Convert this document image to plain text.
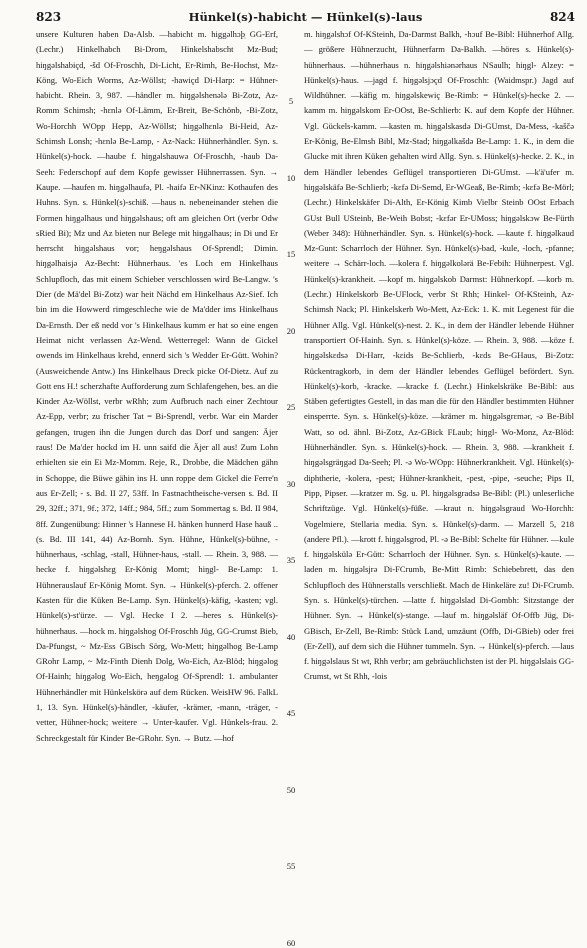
823	Hünkel(s)-habicht — Hünkel(s)-laus	824

unsere Kulturen haben Da-Alsb. —habicht m. higgəlhɔþ̣ GG-Erf, (Lechr.) Hinkelhabch Bi-Drom, Hinkelshabscht Mz-Bud; hiŋgəlshabiçd, -šd Of-Froschh, Di-Licht, Er-Rimh, Be-Hochst, Mz-Köng, Wo-Eich Worms, Az-Wöllst; -hawiçd Di-Harp: = Hühner-habicht. Rhein. 3, 987. —händler m. hiŋgəlshenələ Bi-Zotz, Az-Romm Schimsh; -hɛnlə Of-Lämm, Er-Breit, Be-Schönb, -Bi-Zotz, Wo-Horchh WOpp Hepp, Az-Wöllst; hiŋgəlhɛnlə Bi-Heid, Az-Schimsh Lonsh; -hɛnlə Be-Lamp, - Az-Nack: Hühnerhändler. Syn. s. Hünkel(s)-hock. —haube f. hiŋgəlshauwə Of-Froschh, -haub Da-Seeh: Federschopf auf dem Kopfe gewisser Hühnerrassen. Syn. → Kaupe. —haufen m. hiŋgəlhaufə, Pl. -haifə Er-NKinz: Kothaufen des Huhns. Syn. s. Hünkel(s)-schiß. —haus n. nebeneinander stehen die Formen hiŋgəlhaus und hiŋgəlshaus; oft am gleichen Ort (verbr Odw sRied Bi); Mz und Az bieten nur Belege mit hiŋgəlhaus; in Di und Er herrscht hiŋgəlshaus vor; heŋgəlshaus Of-Sprendl; Dimin. hiŋgəlhaisjə Az-Becht: Hühnerhaus. 'es Loch em Hinkelhaus Schlupfloch, das mit einem Schieber verschlossen wird Be-Langw. 's Dier (de Mä'del Bi-Zotz) war heit Nächd em Hinkelhaus Az-Sief. Ich bin im die Howwerd rimgeschleche wie de Ma'dder ims Hinkelhaus Da-Ernsth. Der eß nedd vor 's Hinkelhaus kumm er hat so eine engen Heimat nicht verlassen Az-Wend. Wetterregel: Wann de Gickel owends im Hinkelhaus krehd, ennerd sich 's Wedder Er-Gütt. Wohin? (Ausweichende Antw.) Ins Hinkelhaus Dreck picke Of-Dietz. Auf zu Gott ens H.! scherzhafte Aufforderung zum Schlafengehen, bes. an die Kinder Az-Wöllst, verbr wRhh; zum Aufbruch nach einer Zechtour Az-Epp, verbr; zu frischer Tat = Bi-Sprendl, verbr. War ein Marder gefangen, trugen ihn die Jungen durch das Dorf und sangen: Äjer raus! De Ma'der hockd im H. unn saifd die Äjer all aus! Zum Lohn erhielten sie ein Ei Mz-Momm. Reje, R., Drobbe, die Mädchen gähn in Schoppe, die Büwe gähin ins H. unn roppe dem Gickel die Ferre'n aus Er-Zell; - s. Bd. II 27, 53ff. In Fastnachtheische-versen s. Bd. II 29, 32ff.; 371, 9f.; 372, 14ff.; 984, 5ff.; zum Sommertag s. Bd. II 984, 8ff. Zungenübung: Hinner 's Hannese H. hänken hunnerd Hase hauß .. (s. Bd. III 141, 44) Az-Bornh. Syn. Hühne, Hünkel(s)-bühne, -hühnerhaus, -schlag, -stall, Hühner-haus, -stall. — Rhein. 3, 988. —hecke f. hiŋgəlshɛg Er-König Momt; hiŋgl- Be-Lamp: 1. Hühnerauslauf Er-König Momt. Syn. → Hünkel(s)-pferch. 2. offener Kasten für die Küken Be-Lamp. Syn. Hünkel(s)-käfig, -kasten; vgl. Hünkel(s)-st'ürze. — Vgl. Hecke I 2. —heres s. Hünkel(s)-hühnerhaus. —hock m. hiŋgəlshog Of-Froschh Jüg, GG-Crumst Bieb, Da-Pfungst, ~ Mz-Ess GBisch Sörg, Wo-Mett; hiŋgəlhog Be-Lamp GRohr Lamp, ~ Mz-Finth Dienh Dolg, Wo-Eich, Az-Blöd; hiŋgəlog Of-Hainh; hiŋgəlog Wo-Eich, heŋgəlog Of-Sprendl: 1. ambulanter Hühnerhändler mit Hünkelskörə auf dem Rücken. WeisHW 96. FalkL 1, 13. Syn. Hünkel(s)-händler, -käufer, -krämer, -mann, -träger, -vetter, Hühner-hock; weitere → Unter-kaufer. Vgl. Hünkels-frau. 2. Schreckgestalt für Kinder Be-GRohr. Syn. → Butz. —hof

5
10
15
20
25
30
35
40
45
50
55
60

m. hiŋgəlshɔf Of-KSteinh, Da-Darmst Balkh, -hɔuf Be-Bibl: Hühnerhof Allg. — größere Hühnerzucht, Hühnerfarm Da-Balkh. —höres s. Hünkel(s)-hühnerhaus. —hühnerhaus n. hiŋgəlshiənərhaus NSaulh; hiŋgl- Alzey: = Hünkel(s)-haus. —jagd f. hiŋgəlsjɔçd Of-Froschh: (Waidmspr.) Jagd auf Wildhühner. —käfig m. hiŋgəlskewiç Be-Rimb: = Hünkel(s)-hecke 2. —kamm m. hiŋgəlskom Er-OOst, Be-Schlierb: K. auf dem Kopfe der Hühner. Vgl. Gückels-kamm. —kasten m. hiŋgəlskasdə Di-GUmst, Da-Mess, -kaščə Er-König, Be-Elmsh Bibl, Mz-Stad; hiŋgəlkašdə Be-Lamp: 1. K., in dem die Glucke mit ihren Küken gehalten wird Allg. Syn. s. Hünkel(s)-hecke. 2. K., in dem Händler lebendes Geflügel transportieren Di-GUmst. —k'ä'ufer m. hiŋgəlskäfə Be-Schlierb; -kɛfə Di-Semd, Er-WGeaß, Be-Rimb; -kɛfə Be-Mörl; (Lechr.) Hinkelskäfer Di-Alth, Er-König Kimb Vielbr Steinb OOst Erbach GUst Bull USteinb, Be-Weih Bobst; -kɛfər Er-UMoss; hiŋgəlskɔw Be-Fürth (Weber 348): Hühnerhändler. Syn. s. Hünkel(s)-hock. —kaute f. hiŋgəlkaud Mz-Gunt: Scharrloch der Hühner. Syn. Hünkel(s)-bad, -kule, -loch, -pfanne; weitere → Schärr-loch. —kolera f. hiŋgəlkolərä Be-Febih: Hühnerpest. Vgl. Hünkel(s)-krankheit. —kopf m. hiŋgəlskob Darmst: Hühnerkopf. —korb m. (Lechr.) Hinkelskorb Be-UFlock, verbr St Rhh; Hinkel- Of-KSteinh, Az-Schimsh Nack; Pl. Hinkelskerb Wo-Mett, Az-Eck: 1. K. mit Legenest für die Hühner Allg. Vgl. Hünkel(s)-nest. 2. K., in dem der Händler lebende Hühner transportiert Of-Hainh. Syn. s. Hünkel(s)-köze. — Rhein. 3, 988. —köze f. hiŋgəlskɛdsə Di-Harr, -kɛids Be-Schlierb, -kɛds Be-GHaus, Bi-Zotz: Rückentragkorb, in dem der Händler lebendes Geflügel befördert. Syn. Hünkel(s)-korb, -kracke. —kracke f. (Lechr.) Hinkelskräke Be-Bibl: aus Stäben gefertigtes Gestell, in das man die für den Händler bestimmten Hühner einsperrte. Syn. s. Hünkel(s)-köze. —krämer m. hiŋgəlsgrɛmər, -ə Be-Bibl Watt, so od. ähnl. Bi-Zotz, Az-GBick FLaub; hiŋgl- Wo-Monz, Az-Blöd: Hühnerhändler. Syn. s. Hünkel(s)-hock. — Rhein. 3, 988. —krankheit f. hiŋgəlsgräŋgəd Da-Seeh; Pl. -ə Wo-WOpp: Hühnerkrankheit. Vgl. Hünkel(s)-diphtherie, -kolera, -pest; Hühner-krankheit, -pest, -pipe, -seuche; Pips II, Pipp, Pipser. —kratzer m. Sg. u. Pl. hiŋgəlsgradsə Be-Bibl: (Pl.) unleserliche Schriftzüge. Vgl. Hünkel(s)-füße. —kraut n. hiŋgəlsgraud Wo-Horchh: Vogelmiere, Stellaria media. Syn. s. Hünkel(s)-darm. — Marzell 5, 218 (andere Pfl.). —krott f. hiŋgəlsgrod, Pl. -ə Be-Bibl: Schelte für Hühner. —kule f. hiŋgəlskülə Er-Gütt: Scharrloch der Hühner. Syn. s. Hünkel(s)-kaute. —laden m. hiŋgəlsjrə Di-FCrumb, Be-Mitt Rimb: Schiebebrett, das den Schlupfloch des Hühnerstalls verschließt. Mach de Hinkeläre zu! Di-FCrumb. Syn. s. Hünkel(s)-türchen. —latte f. hiŋgəlslad Di-Gombh: Sitzstange der Hühner. Syn. → Hünkel(s)-stange. —lauf m. hiŋgəlsläf Of-Offb Jüg, Di-GBisch, Er-Zell, Be-Rimb: Stück Land, umzäunt (Offb, Di-GBieb) oder frei (Er-Zell), auf dem sich die Hühner tummeln. Syn. → Hünkel(s)-pferch. —laus f. hiŋgəlslaus St wt, Rhh verbr; am gebräuchlichsten ist der Pl. hiŋgəlslais GG-Crumst, wt St Rhh, -lois
